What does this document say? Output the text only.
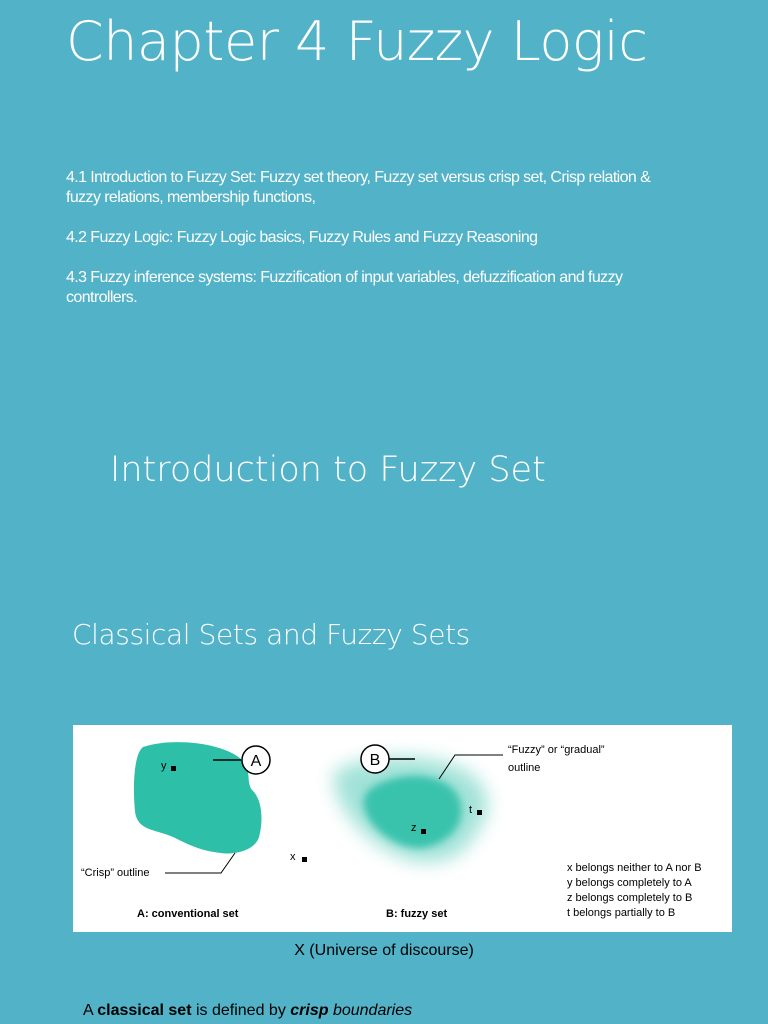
Chapter 4 Fuzzy Logic

4.1 Introduction to Fuzzy Set: Fuzzy set theory, Fuzzy set versus crisp set, Crisp relation & fuzzy relations, membership functions,

4.2 Fuzzy Logic: Fuzzy Logic basics, Fuzzy Rules and Fuzzy Reasoning

4.3 Fuzzy inference systems: Fuzzification of input variables, defuzzification and fuzzy controllers.

Introduction to Fuzzy Set
Classical Sets and Fuzzy Sets
A	B
y
x
z
t
“Crisp” outline
“Fuzzy” or “gradual”
outline
A: conventional set	B: fuzzy set
x belongs neither to A nor B
y belongs completely to A
z belongs completely to B
t belongs partially to B
X (Universe of discourse)
A classical set is defined by crisp boundaries
